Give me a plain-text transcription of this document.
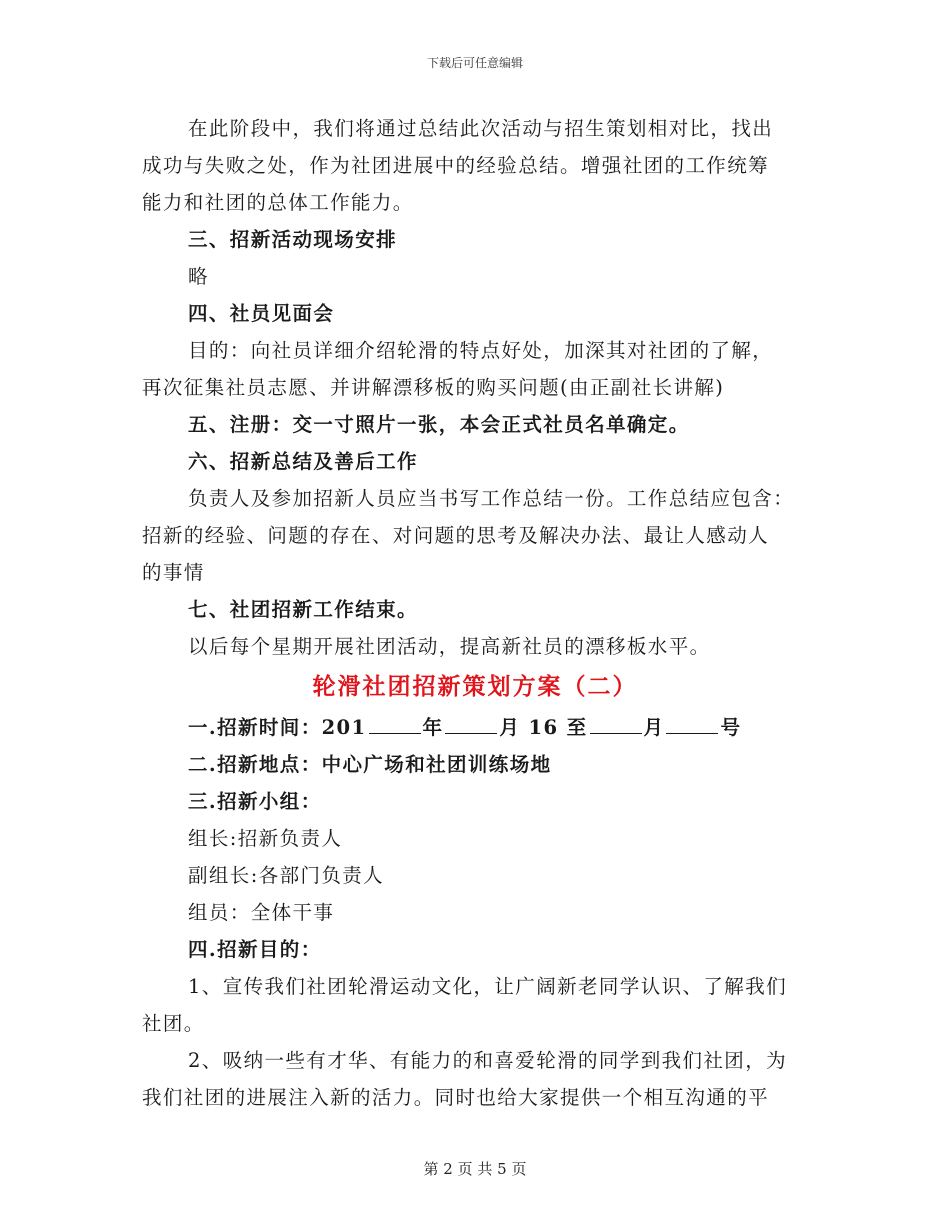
下载后可任意编辑
在此阶段中，我们将通过总结此次活动与招生策划相对比，找出
成功与失败之处，作为社团进展中的经验总结。增强社团的工作统筹
能力和社团的总体工作能力。
三、招新活动现场安排
略
四、社员见面会
目的：向社员详细介绍轮滑的特点好处，加深其对社团的了解，
再次征集社员志愿、并讲解漂移板的购买问题(由正副社长讲解)
五、注册：交一寸照片一张，本会正式社员名单确定。
六、招新总结及善后工作
负责人及参加招新人员应当书写工作总结一份。工作总结应包含：
招新的经验、问题的存在、对问题的思考及解决办法、最让人感动人
的事情
七、社团招新工作结束。
以后每个星期开展社团活动，提高新社员的漂移板水平。
轮滑社团招新策划方案（二）
一.招新时间：201	年	月 16 至	月	号
二.招新地点：中心广场和社团训练场地
三.招新小组：
组长:招新负责人
副组长:各部门负责人
组员：全体干事
四.招新目的：
1、宣传我们社团轮滑运动文化，让广阔新老同学认识、了解我们
社团。
2、吸纳一些有才华、有能力的和喜爱轮滑的同学到我们社团，为
我们社团的进展注入新的活力。同时也给大家提供一个相互沟通的平
第 2 页 共 5 页
